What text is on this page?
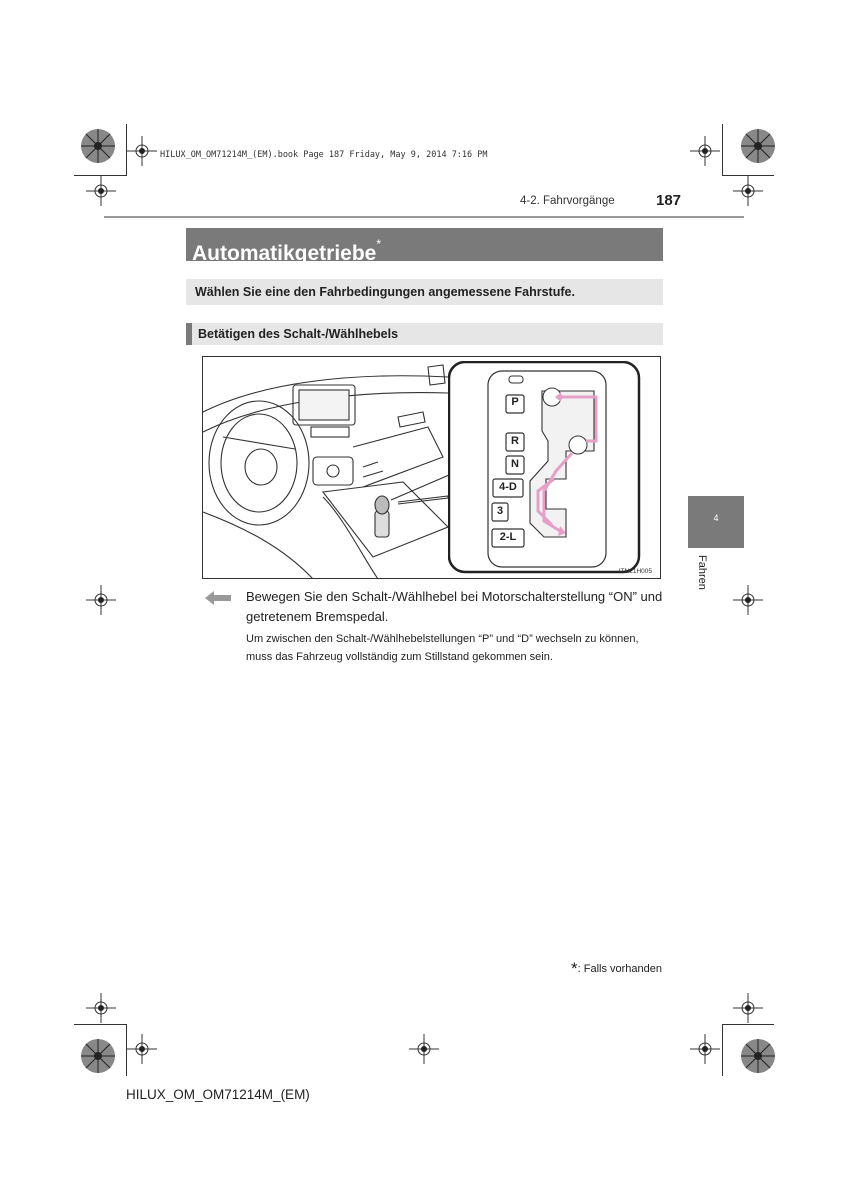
HILUX_OM_OM71214M_(EM).book Page 187 Friday, May 9, 2014 7:16 PM
4-2. Fahrvorgänge	187
Automatikgetriebe*
Wählen Sie eine den Fahrbedingungen angemessene Fahrstufe.
Betätigen des Schalt-/Wählhebels
P
R
N
4-D
3
2-L
ITN21H005
Bewegen Sie den Schalt-/Wählhebel bei Motorschalterstellung “ON” und getretenem Bremspedal.
Um zwischen den Schalt-/Wählhebelstellungen “P” und “D” wechseln zu können, muss das Fahrzeug vollständig zum Stillstand gekommen sein.
4
Fahren
*: Falls vorhanden
HILUX_OM_OM71214M_(EM)
